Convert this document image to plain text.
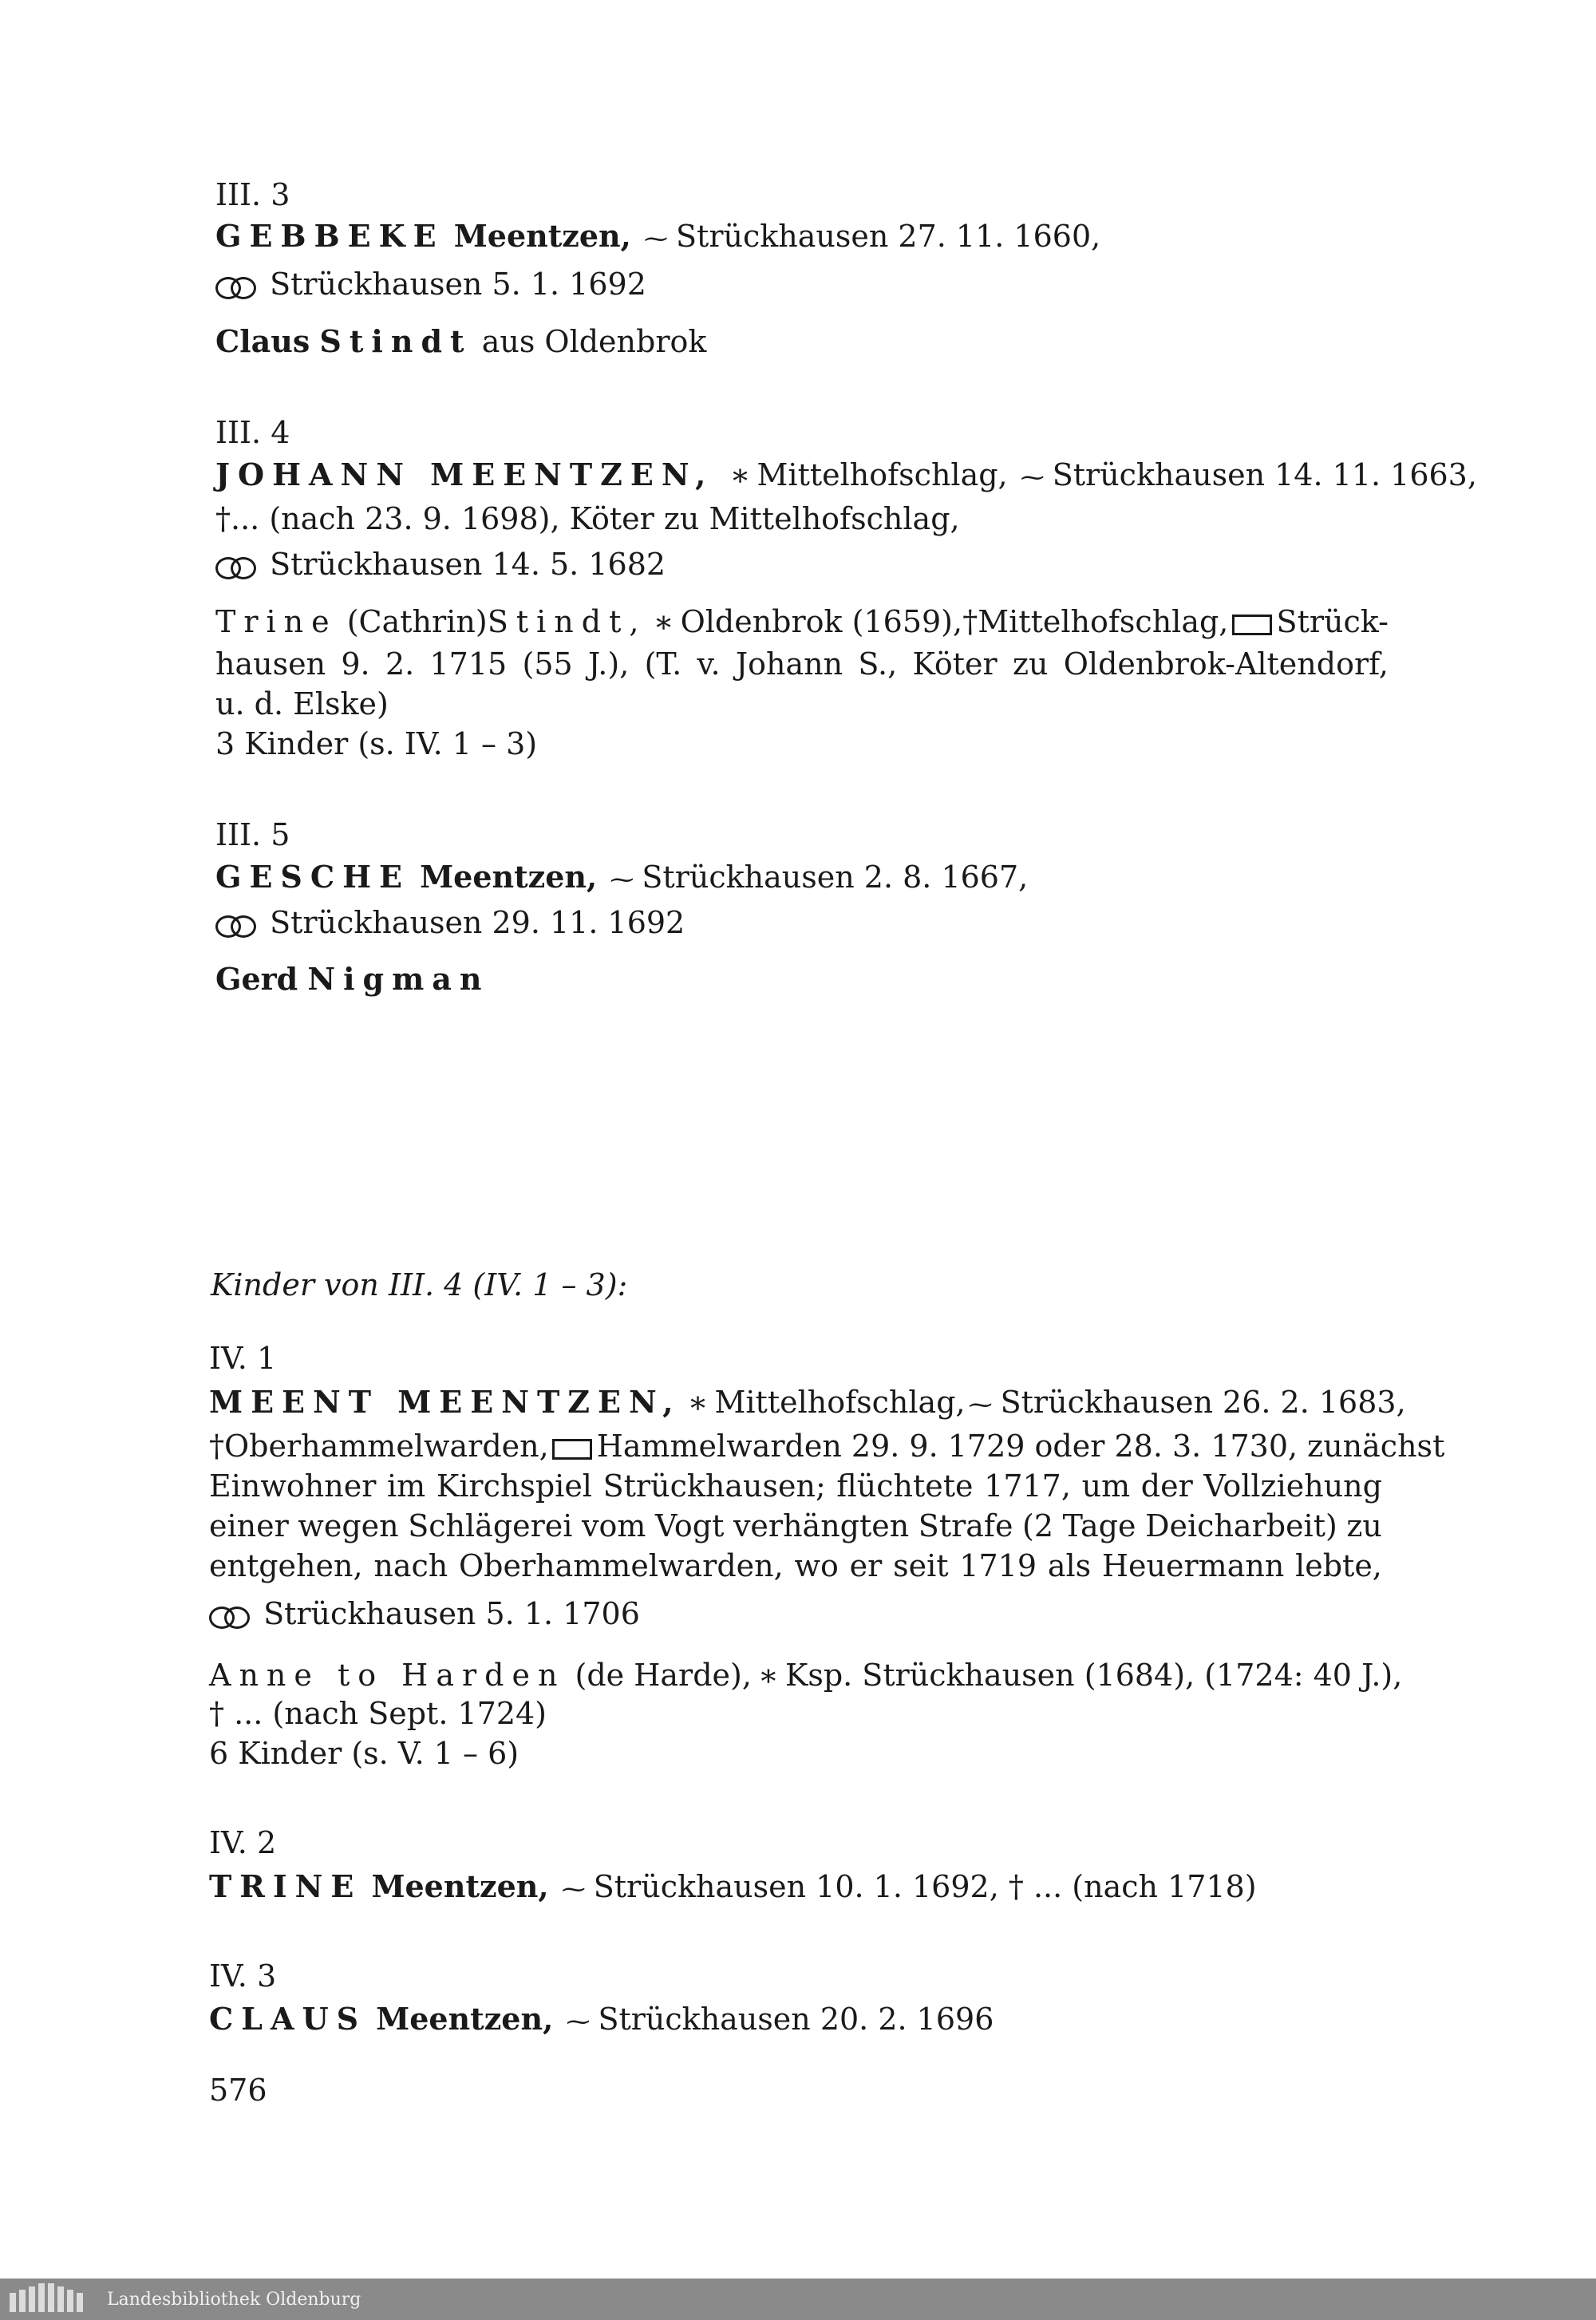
III. 3
GEBBEKE Meentzen, ⁓ Strückhausen 27. 11. 1660,
Strückhausen 5. 1. 1692
Claus Stindt aus Oldenbrok
III. 4
JOHANN MEENTZEN, ∗ Mittelhofschlag, ⁓ Strückhausen 14. 11. 1663,
†... (nach 23. 9. 1698), Köter zu Mittelhofschlag,
Strückhausen 14. 5. 1682
Trine (Cathrin) Stindt, ∗ Oldenbrok (1659), †Mittelhofschlag,	Strück-
hausen 9. 2. 1715 (55 J.), (T. v. Johann S., Köter zu Oldenbrok-Altendorf,
u. d. Elske)
3 Kinder (s. IV. 1 – 3)
III. 5
GESCHE Meentzen, ⁓ Strückhausen 2. 8. 1667,
Strückhausen 29. 11. 1692
Gerd Nigman
Kinder von III. 4 (IV. 1 – 3):
IV. 1
MEENT MEENTZEN, ∗ Mittelhofschlag, ⁓ Strückhausen 26. 2. 1683,
†Oberhammelwarden,	Hammelwarden 29. 9. 1729 oder 28. 3. 1730, zunächst
Einwohner im Kirchspiel Strückhausen; flüchtete 1717, um der Vollziehung
einer wegen Schlägerei vom Vogt verhängten Strafe (2 Tage Deicharbeit) zu
entgehen, nach Oberhammelwarden, wo er seit 1719 als Heuermann lebte,
Strückhausen 5. 1. 1706
Anne to Harden (de Harde), ∗ Ksp. Strückhausen (1684), (1724: 40 J.),
† ... (nach Sept. 1724)
6 Kinder (s. V. 1 – 6)
IV. 2
TRINE Meentzen, ⁓ Strückhausen 10. 1. 1692, † ... (nach 1718)
IV. 3
CLAUS Meentzen, ⁓ Strückhausen 20. 2. 1696
576
Landesbibliothek Oldenburg
